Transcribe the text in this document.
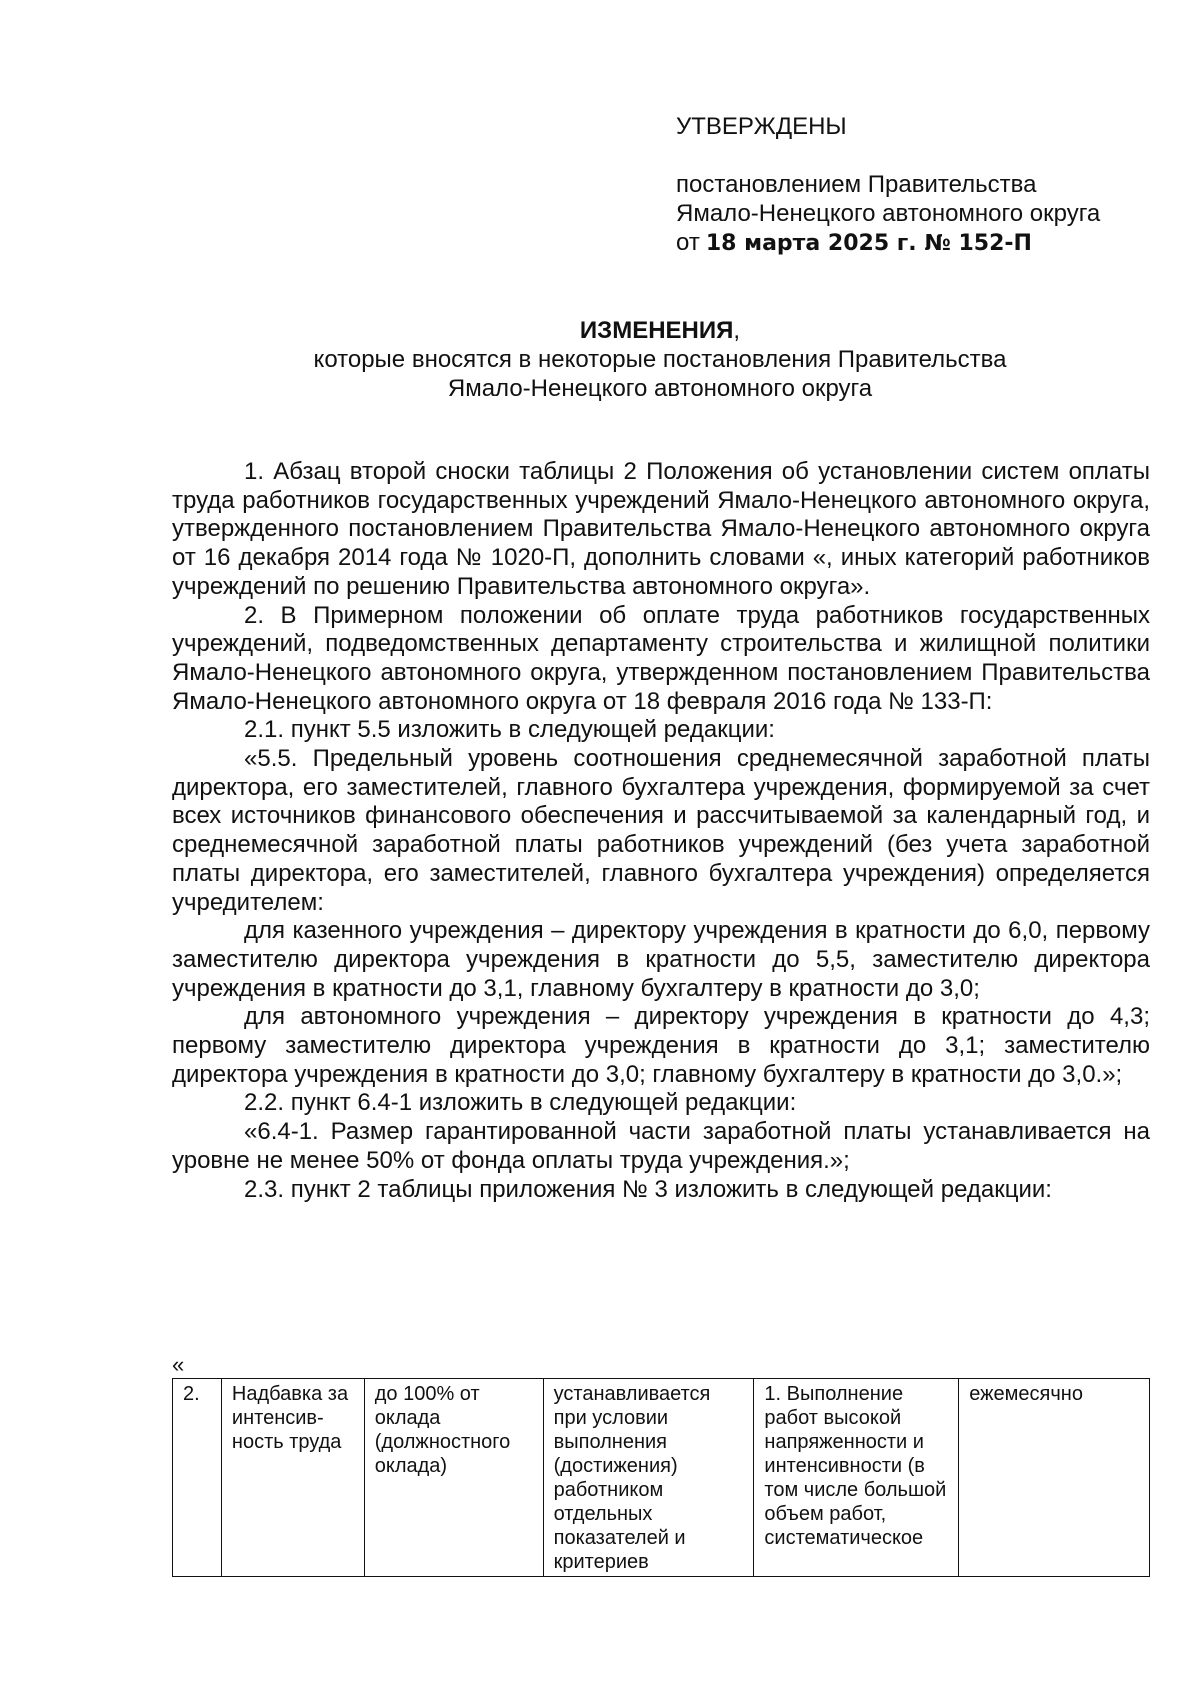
УТВЕРЖДЕНЫ
постановлением Правительства
Ямало-Ненецкого автономного округа
от 18 марта 2025 г. № 152-П
ИЗМЕНЕНИЯ,
которые вносятся в некоторые постановления Правительства
Ямало-Ненецкого автономного округа

1. Абзац второй сноски таблицы 2 Положения об установлении систем оплаты труда работников государственных учреждений Ямало-Ненецкого автономного округа, утвержденного постановлением Правительства Ямало-Ненецкого автономного округа от 16 декабря 2014 года № 1020-П, дополнить словами «, иных категорий работников учреждений по решению Правительства автономного округа».

2. В Примерном положении об оплате труда работников государственных учреждений, подведомственных департаменту строительства и жилищной политики Ямало-Ненецкого автономного округа, утвержденном постановлением Правительства Ямало-Ненецкого автономного округа от 18 февраля 2016 года № 133-П:

2.1. пункт 5.5 изложить в следующей редакции:

«5.5. Предельный уровень соотношения среднемесячной заработной платы директора, его заместителей, главного бухгалтера учреждения, формируемой за счет всех источников финансового обеспечения и рассчитываемой за календарный год, и среднемесячной заработной платы работников учреждений (без учета заработной платы директора, его заместителей, главного бухгалтера учреждения) определяется учредителем:

для казенного учреждения – директору учреждения в кратности до 6,0, первому заместителю директора учреждения в кратности до 5,5, заместителю директора учреждения в кратности до 3,1, главному бухгалтеру в кратности до 3,0;

для автономного учреждения – директору учреждения в кратности до 4,3; первому заместителю директора учреждения в кратности до 3,1; заместителю директора учреждения в кратности до 3,0; главному бухгалтеру в кратности до 3,0.»;

2.2. пункт 6.4-1 изложить в следующей редакции:

«6.4-1. Размер гарантированной части заработной платы устанавливается на уровне не менее 50% от фонда оплаты труда учреждения.»;

2.3. пункт 2 таблицы приложения № 3 изложить в следующей редакции:

«
2.	Надбавка за интенсив-ность труда	до 100% от оклада (должностного оклада)	устанавливается при условии выполнения (достижения) работником отдельных показателей и критериев	1. Выполнение работ высокой напряженности и интенсивности (в том числе большой объем работ, систематическое	ежемесячно
